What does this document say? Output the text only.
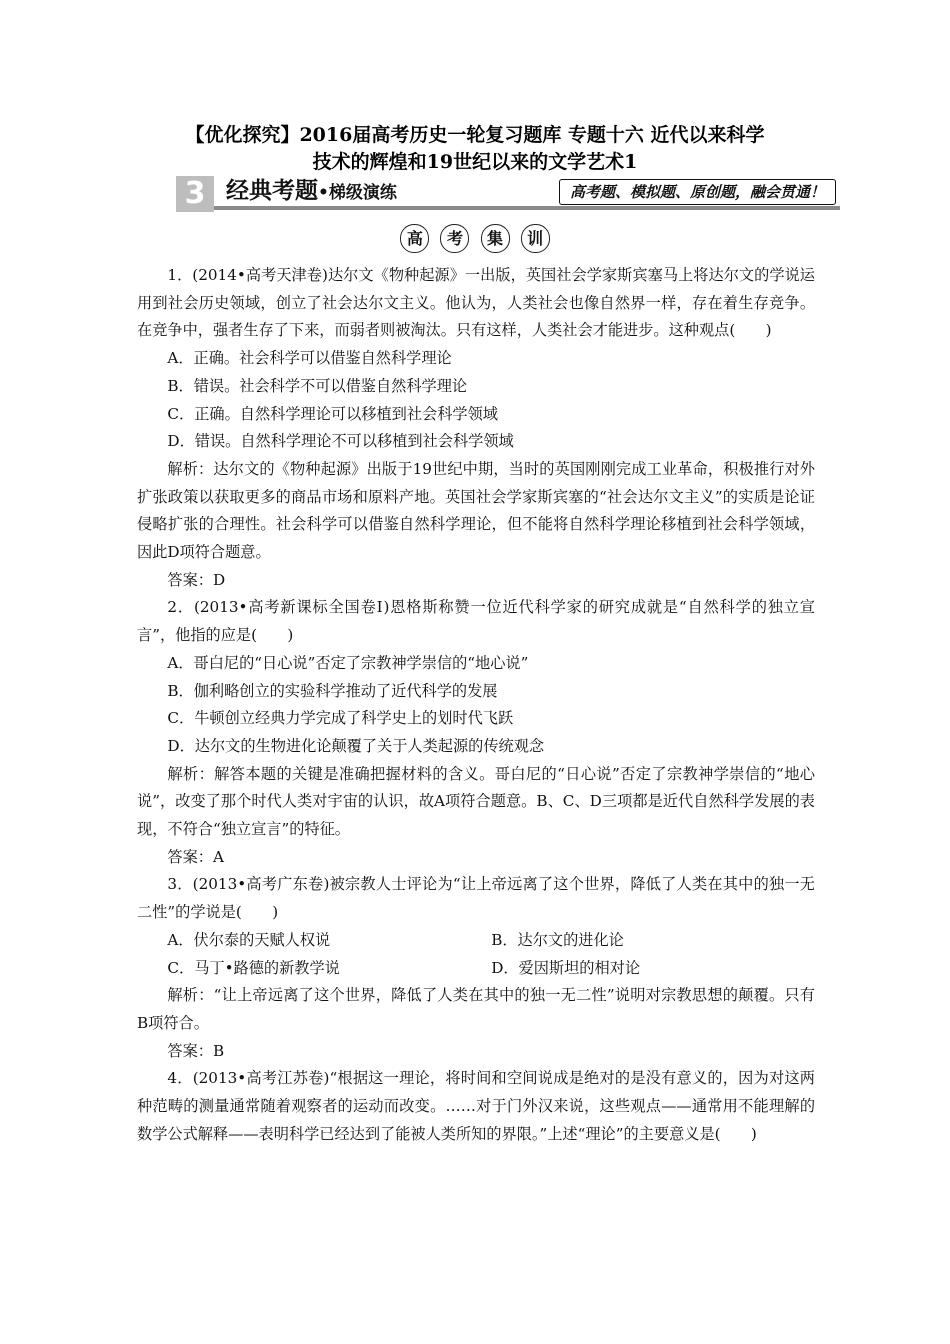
【优化探究】2016届高考历史一轮复习题库 专题十六 近代以来科学
技术的辉煌和19世纪以来的文学艺术1
3 经典考题•梯级演练	高考题、模拟题、原创题，融会贯通！
高 考 集 训

1．(2014•高考天津卷)达尔文《物种起源》一出版，英国社会学家斯宾塞马上将达尔文的学说运用到社会历史领域，创立了社会达尔文主义。他认为，人类社会也像自然界一样，存在着生存竞争。在竞争中，强者生存了下来，而弱者则被淘汰。只有这样，人类社会才能进步。这种观点(　　)

A．正确。社会科学可以借鉴自然科学理论

B．错误。社会科学不可以借鉴自然科学理论

C．正确。自然科学理论可以移植到社会科学领域

D．错误。自然科学理论不可以移植到社会科学领域

解析：达尔文的《物种起源》出版于19世纪中期，当时的英国刚刚完成工业革命，积极推行对外扩张政策以获取更多的商品市场和原料产地。英国社会学家斯宾塞的“社会达尔文主义”的实质是论证侵略扩张的合理性。社会科学可以借鉴自然科学理论，但不能将自然科学理论移植到社会科学领域，因此D项符合题意。

答案：D

2．(2013•高考新课标全国卷Ⅰ)恩格斯称赞一位近代科学家的研究成就是“自然科学的独立宣言”，他指的应是(　　)

A．哥白尼的“日心说”否定了宗教神学崇信的“地心说”

B．伽利略创立的实验科学推动了近代科学的发展

C．牛顿创立经典力学完成了科学史上的划时代飞跃

D．达尔文的生物进化论颠覆了关于人类起源的传统观念

解析：解答本题的关键是准确把握材料的含义。哥白尼的“日心说”否定了宗教神学崇信的“地心说”，改变了那个时代人类对宇宙的认识，故A项符合题意。B、C、D三项都是近代自然科学发展的表现，不符合“独立宣言”的特征。

答案：A

3．(2013•高考广东卷)被宗教人士评论为“让上帝远离了这个世界，降低了人类在其中的独一无二性”的学说是(　　)

A．伏尔泰的天赋人权说	B．达尔文的进化论
C．马丁•路德的新教学说	D．爱因斯坦的相对论

解析：“让上帝远离了这个世界，降低了人类在其中的独一无二性”说明对宗教思想的颠覆。只有B项符合。

答案：B

4．(2013•高考江苏卷)“根据这一理论，将时间和空间说成是绝对的是没有意义的，因为对这两种范畴的测量通常随着观察者的运动而改变。……对于门外汉来说，这些观点——通常用不能理解的数学公式解释——表明科学已经达到了能被人类所知的界限。”上述“理论”的主要意义是(　　)
